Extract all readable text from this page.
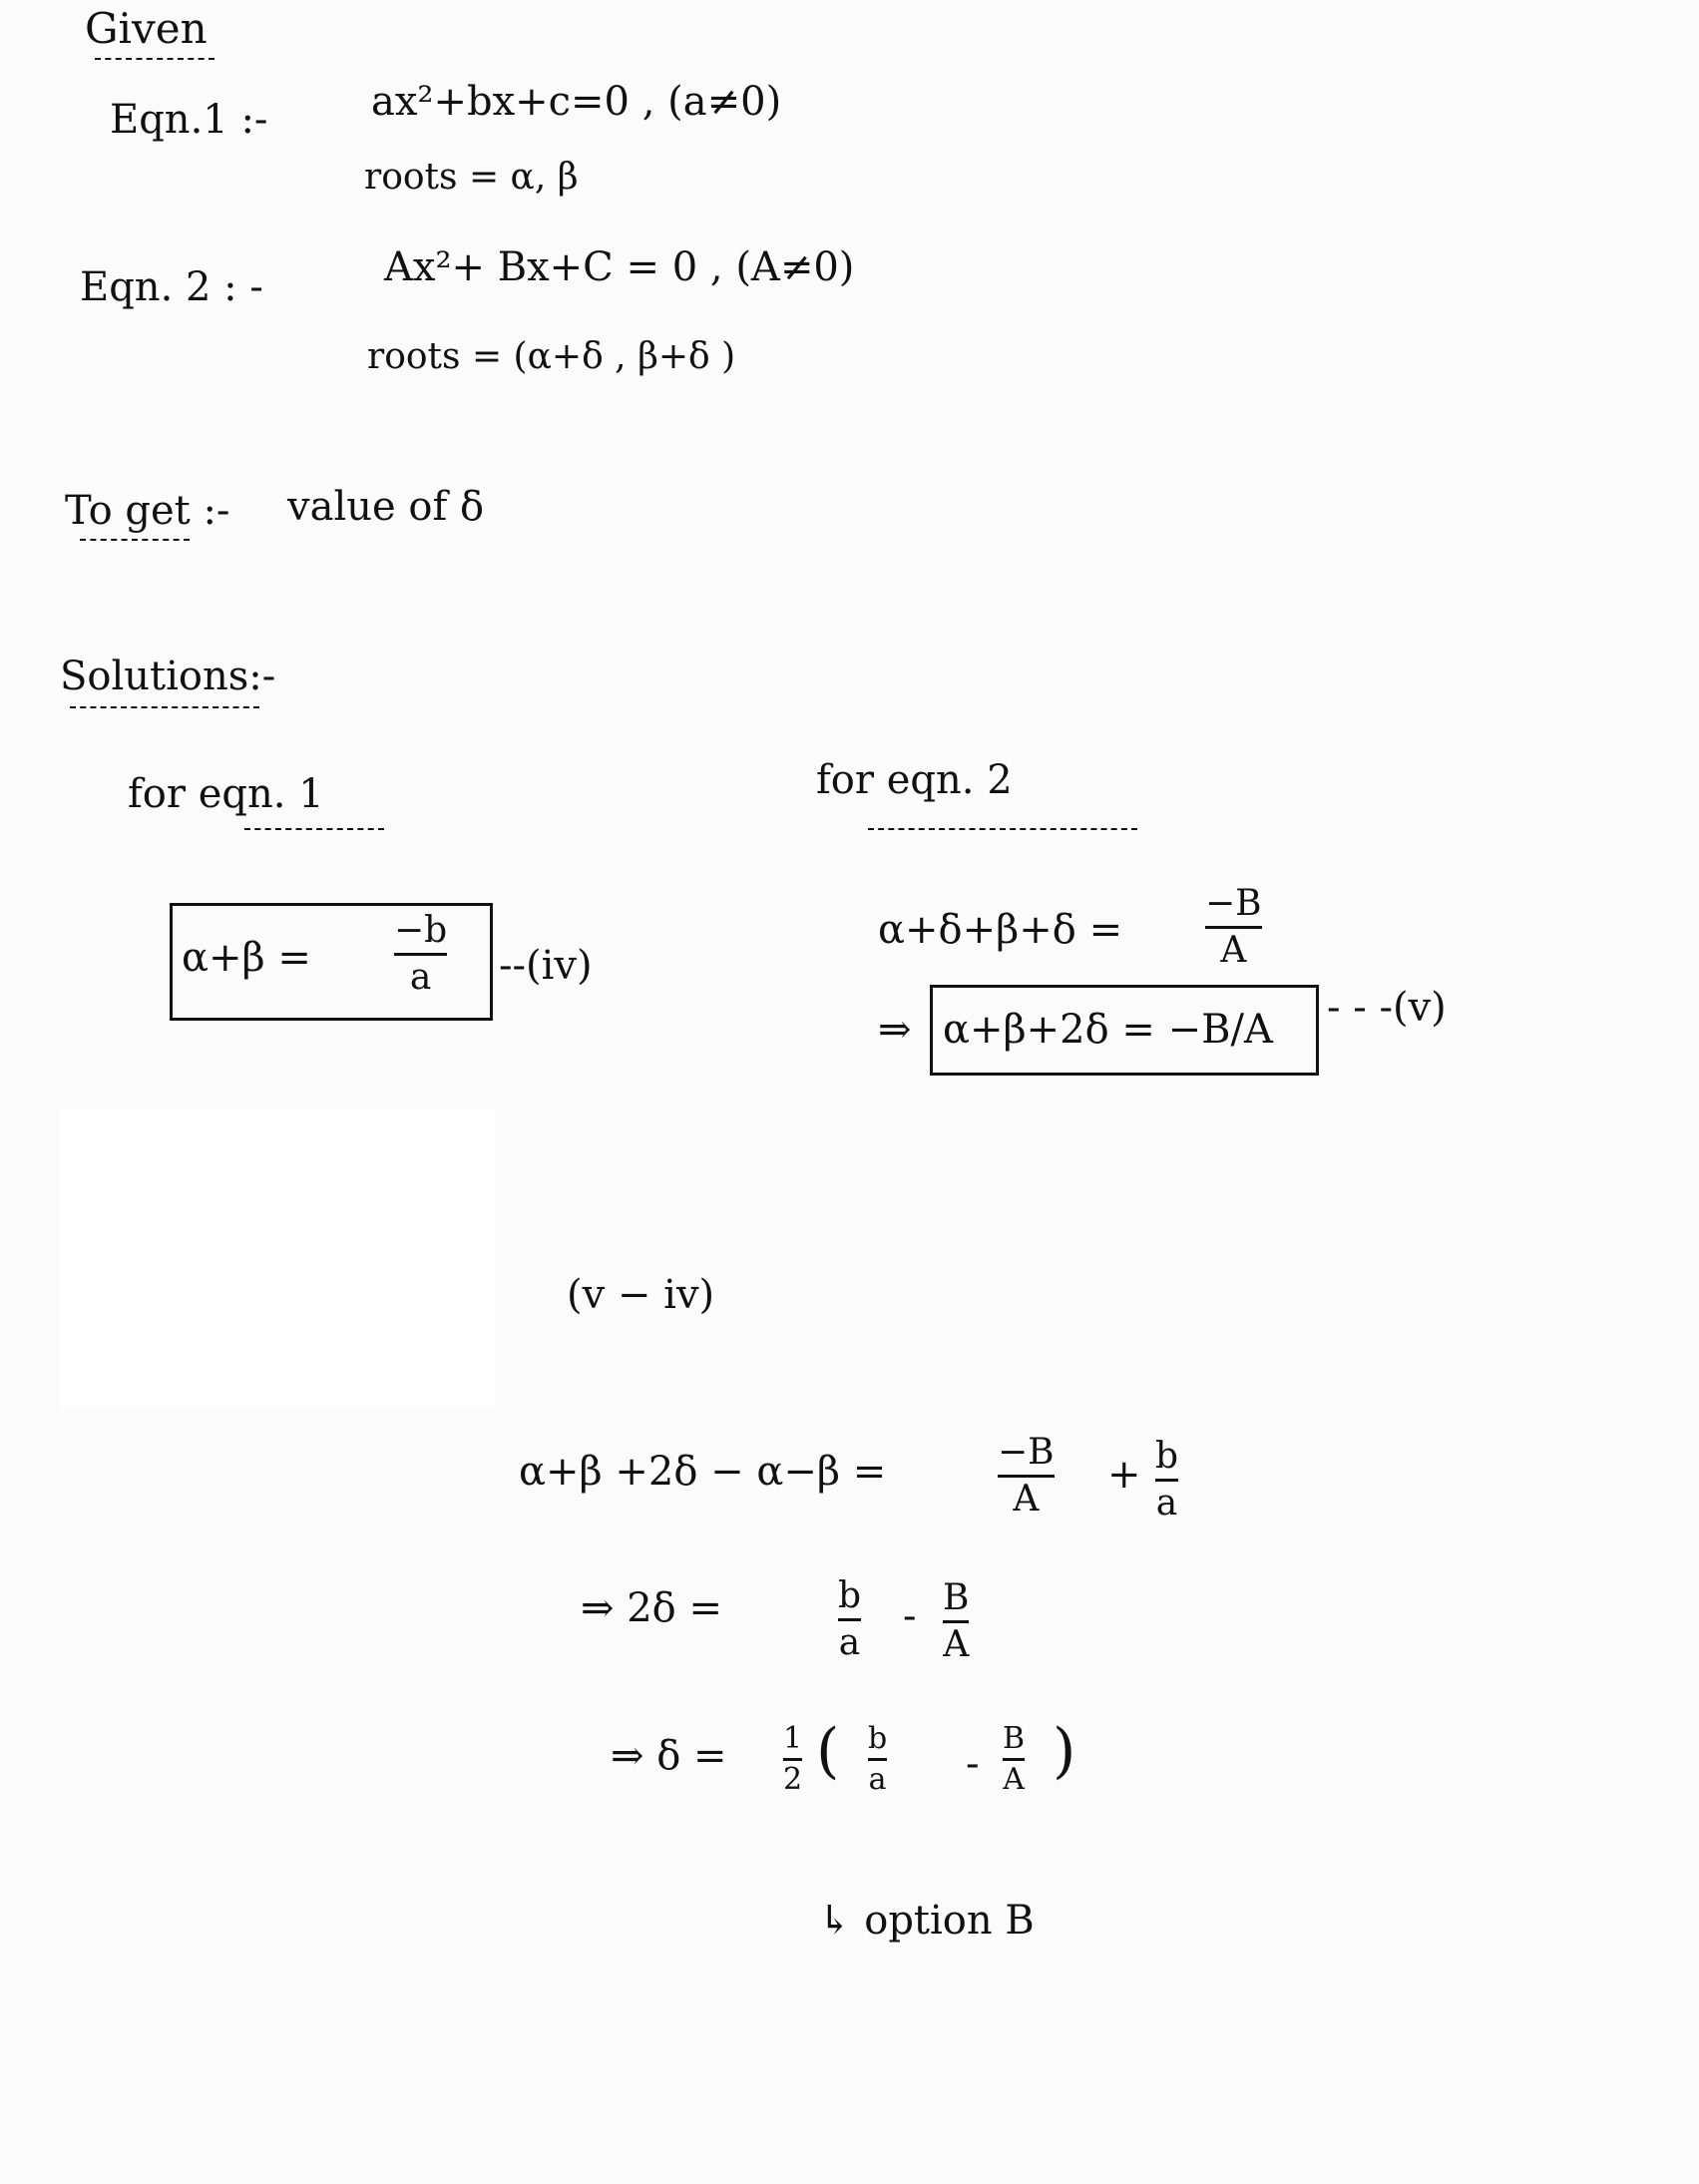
Given
Eqn.1 :-	ax²+bx+c=0 , (a≠0)
roots = α, β
Eqn. 2 : -	Ax²+ Bx+C = 0 , (A≠0)
roots = (α+δ , β+δ )
To get :- value of δ
Solutions:-
for eqn. 1	for eqn. 2
α+β =
−b
a --(iv)
α+δ+β+δ =
−B
A
⇒ α+β+2δ = −B/A - - -(v)
(v − iv)
α+β +2δ − α−β =	−B
A
+ b
a
⇒ 2δ =	b
a
- B
A
⇒ δ = 1
2 ( b
a -
B
A )
↳ option B
